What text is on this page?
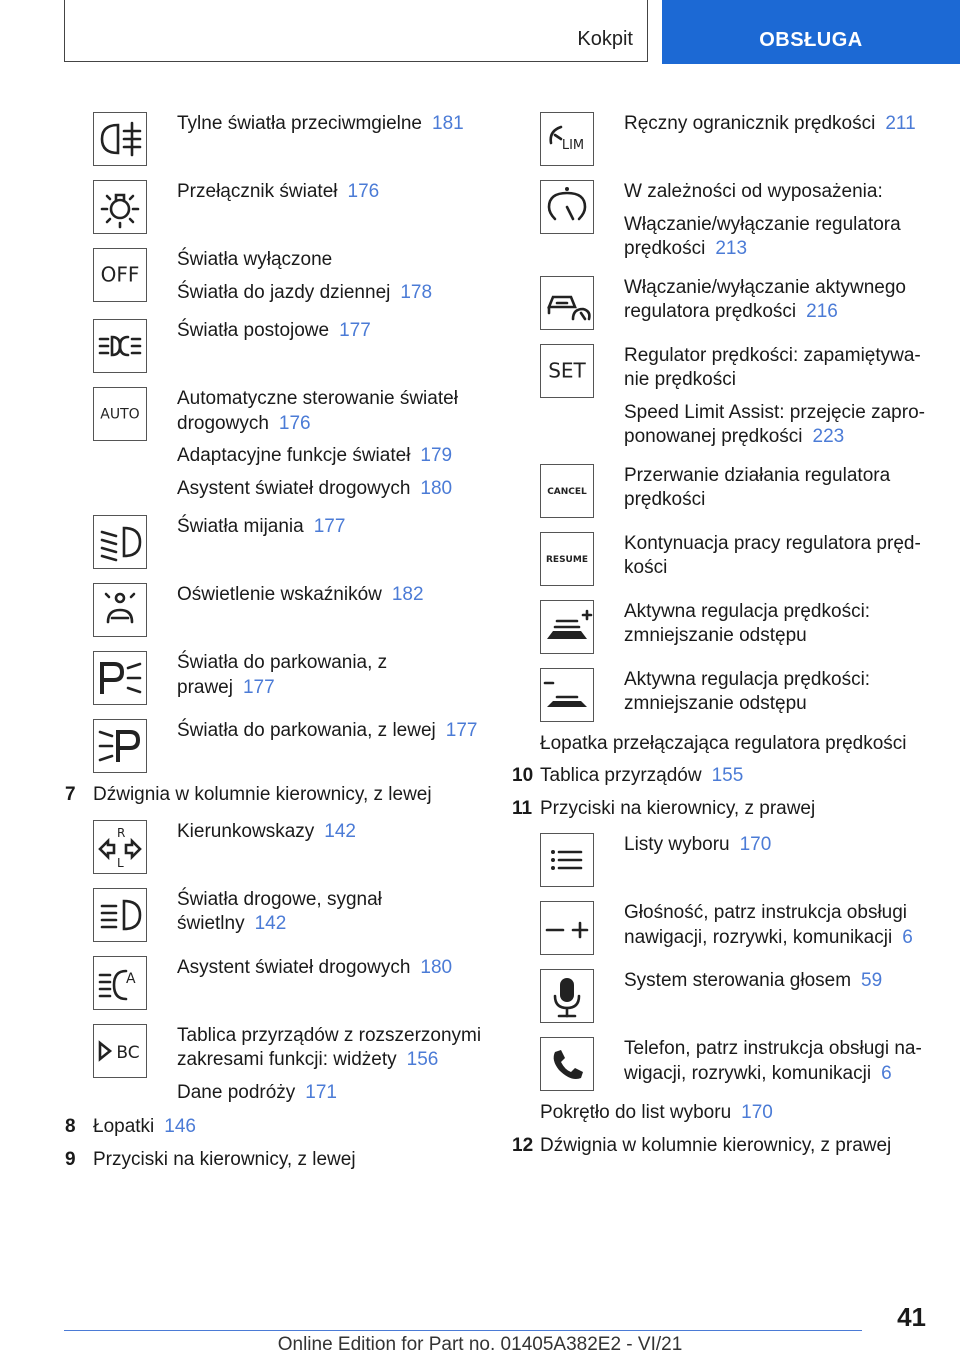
Kokpit	OBSŁUGA

Tylne światła przeciwmgielne 181

Przełącznik świateł 176

OFF

Światła wyłączone

Światła do jazdy dziennej 178

Światła postojowe 177

AUTO

Automatyczne sterowanie świateł drogowych 176

Adaptacyjne funkcje świateł 179

Asystent świateł drogowych 180

Światła mijania 177

Oświetlenie wskaźników 182

Światła do parkowania, z prawej 177

Światła do parkowania, z lewej 177

7 Dźwignia w kolumnie kierownicy, z lewej
R
L

Kierunkowskazy 142

Światła drogowe, sygnał świetlny 142

A

Asystent świateł drogowych 180

BC

Tablica przyrządów z rozszerzonymi zakresami funkcji: widżety 156

Dane podróży 171

8 Łopatki 146
9 Przyciski na kierownicy, z lewej
LIM

Ręczny ogranicznik prędkości 211

W zależności od wyposażenia:

Włączanie/wyłączanie regulatora prędkości 213

Włączanie/wyłączanie aktywnego regulatora prędkości 216

SET

Regulator prędkości: zapamiętywa-nie prędkości

Speed Limit Assist: przejęcie zapro-ponowanej prędkości 223

CANCEL

Przerwanie działania regulatora prędkości

RESUME

Kontynuacja pracy regulatora pręd-kości

Aktywna regulacja prędkości: zmniejszanie odstępu

Aktywna regulacja prędkości: zmniejszanie odstępu

Łopatka przełączająca regulatora prędkości
10 Tablica przyrządów 155
11 Przyciski na kierownicy, z prawej

Listy wyboru 170

Głośność, patrz instrukcja obsługi nawigacji, rozrywki, komunikacji 6

System sterowania głosem 59

Telefon, patrz instrukcja obsługi na-wigacji, rozrywki, komunikacji 6

Pokrętło do list wyboru 170
12 Dźwignia w kolumnie kierownicy, z prawej
41
Online Edition for Part no. 01405A382E2 - VI/21
